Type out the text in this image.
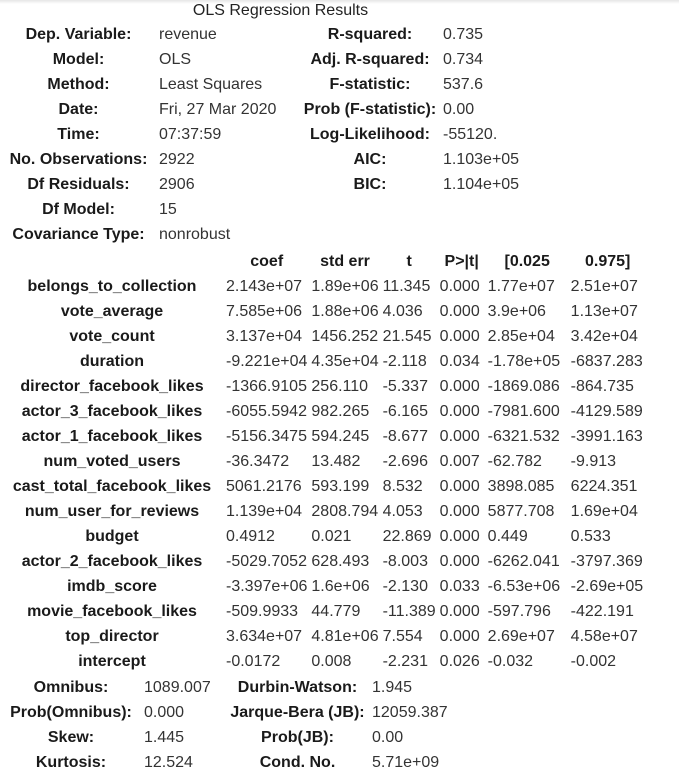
OLS Regression Results
Dep. Variable:	revenue	R-squared:	0.735
Model:	OLS	Adj. R-squared:	0.734
Method:	Least Squares	F-statistic:	537.6
Date:	Fri, 27 Mar 2020	Prob (F-statistic):	0.00
Time:	07:37:59	Log-Likelihood:	-55120.
No. Observations:	2922	AIC:	1.103e+05
Df Residuals:	2906	BIC:	1.104e+05
Df Model:	15		
Covariance Type:	nonrobust		
	coef	std err	t	P>|t|	[0.025	0.975]
belongs_to_collection	2.143e+07	1.89e+06	11.345	0.000	1.77e+07	2.51e+07
vote_average	7.585e+06	1.88e+06	4.036	0.000	3.9e+06	1.13e+07
vote_count	3.137e+04	1456.252	21.545	0.000	2.85e+04	3.42e+04
duration	-9.221e+04	4.35e+04	-2.118	0.034	-1.78e+05	-6837.283
director_facebook_likes	-1366.9105	256.110	-5.337	0.000	-1869.086	-864.735
actor_3_facebook_likes	-6055.5942	982.265	-6.165	0.000	-7981.600	-4129.589
actor_1_facebook_likes	-5156.3475	594.245	-8.677	0.000	-6321.532	-3991.163
num_voted_users	-36.3472	13.482	-2.696	0.007	-62.782	-9.913
cast_total_facebook_likes	5061.2176	593.199	8.532	0.000	3898.085	6224.351
num_user_for_reviews	1.139e+04	2808.794	4.053	0.000	5877.708	1.69e+04
budget	0.4912	0.021	22.869	0.000	0.449	0.533
actor_2_facebook_likes	-5029.7052	628.493	-8.003	0.000	-6262.041	-3797.369
imdb_score	-3.397e+06	1.6e+06	-2.130	0.033	-6.53e+06	-2.69e+05
movie_facebook_likes	-509.9933	44.779	-11.389	0.000	-597.796	-422.191
top_director	3.634e+07	4.81e+06	7.554	0.000	2.69e+07	4.58e+07
intercept	-0.0172	0.008	-2.231	0.026	-0.032	-0.002
Omnibus:	1089.007	Durbin-Watson:	1.945
Prob(Omnibus):	0.000	Jarque-Bera (JB):	12059.387
Skew:	1.445	Prob(JB):	0.00
Kurtosis:	12.524	Cond. No.	5.71e+09
